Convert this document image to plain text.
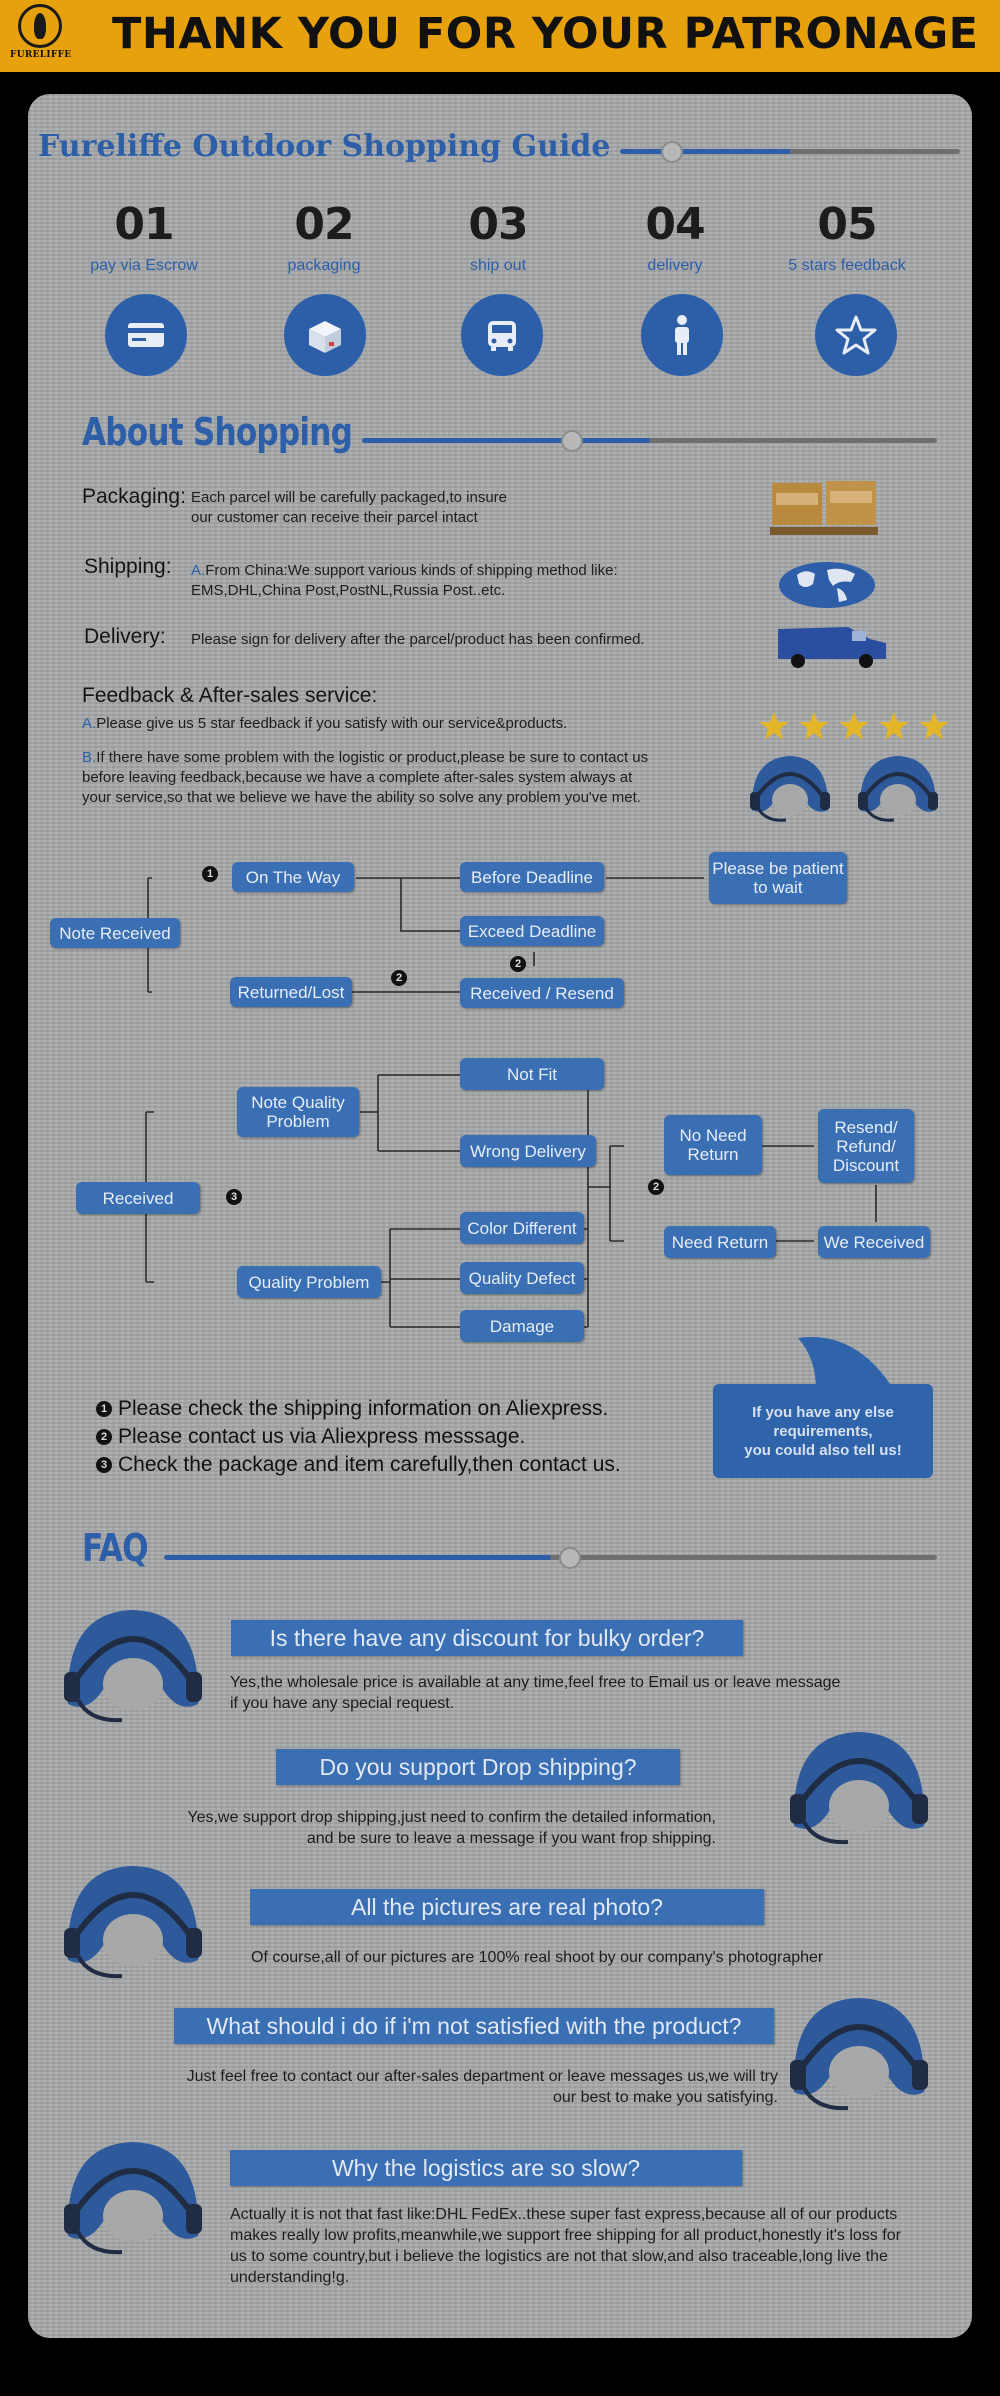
FURELIFFE THANK YOU FOR YOUR PATRONAGE
Fureliffe Outdoor Shopping Guide
01	02	03	04	05
pay via Escrow	packaging	ship out	delivery	5 stars feedback
About Shopping
Packaging: Each parcel will be carefully packaged,to insure
our customer can receive their parcel intact
Shipping: A.From China:We support various kinds of shipping method like:
EMS,DHL,China Post,PostNL,Russia Post..etc.
Delivery: Please sign for delivery after the parcel/product has been confirmed.
Feedback & After-sales service:
A.Please give us 5 star feedback if you satisfy with our service&products.
B.If there have some problem with the logistic or product,please be sure to contact us
before leaving feedback,because we have a complete after-sales system always at
your service,so that we believe we have the ability so solve any problem you've met.
Note Received
On The Way	Before Deadline	Please be patient to wait
Exceed Deadline
Returned/Lost	Received / Resend
1
2
2
Received
Note Quality Problem
Quality Problem
Not Fit
Wrong Delivery
Color Different
Quality Defect
Damage
No Need Return
Need Return
Resend/ Refund/ Discount
We Received
3
2
1 Please check the shipping information on Aliexpress.
2 Please contact us via Aliexpress messsage.
3 Check the package and item carefully,then contact us.
If you have any else
requirements,
you could also tell us!
FAQ
Is there have any discount for bulky order?
Yes,the wholesale price is available at any time,feel free to Email us or leave message
if you have any special request.
Do you support Drop shipping?
Yes,we support drop shipping,just need to confirm the detailed information,
and be sure to leave a message if you want frop shipping.
All the pictures are real photo?
Of course,all of our pictures are 100% real shoot by our company's photographer
What should i do if i'm not satisfied with the product?
Just feel free to contact our after-sales department or leave messages us,we will try
our best to make you satisfying.
Why the logistics are so slow?
Actually it is not that fast like:DHL FedEx..these super fast express,because all of our products
makes really low profits,meanwhile,we support free shipping for all product,honestly it's loss for
us to some country,but i believe the logistics are not that slow,and also traceable,long live the
understanding!g.
